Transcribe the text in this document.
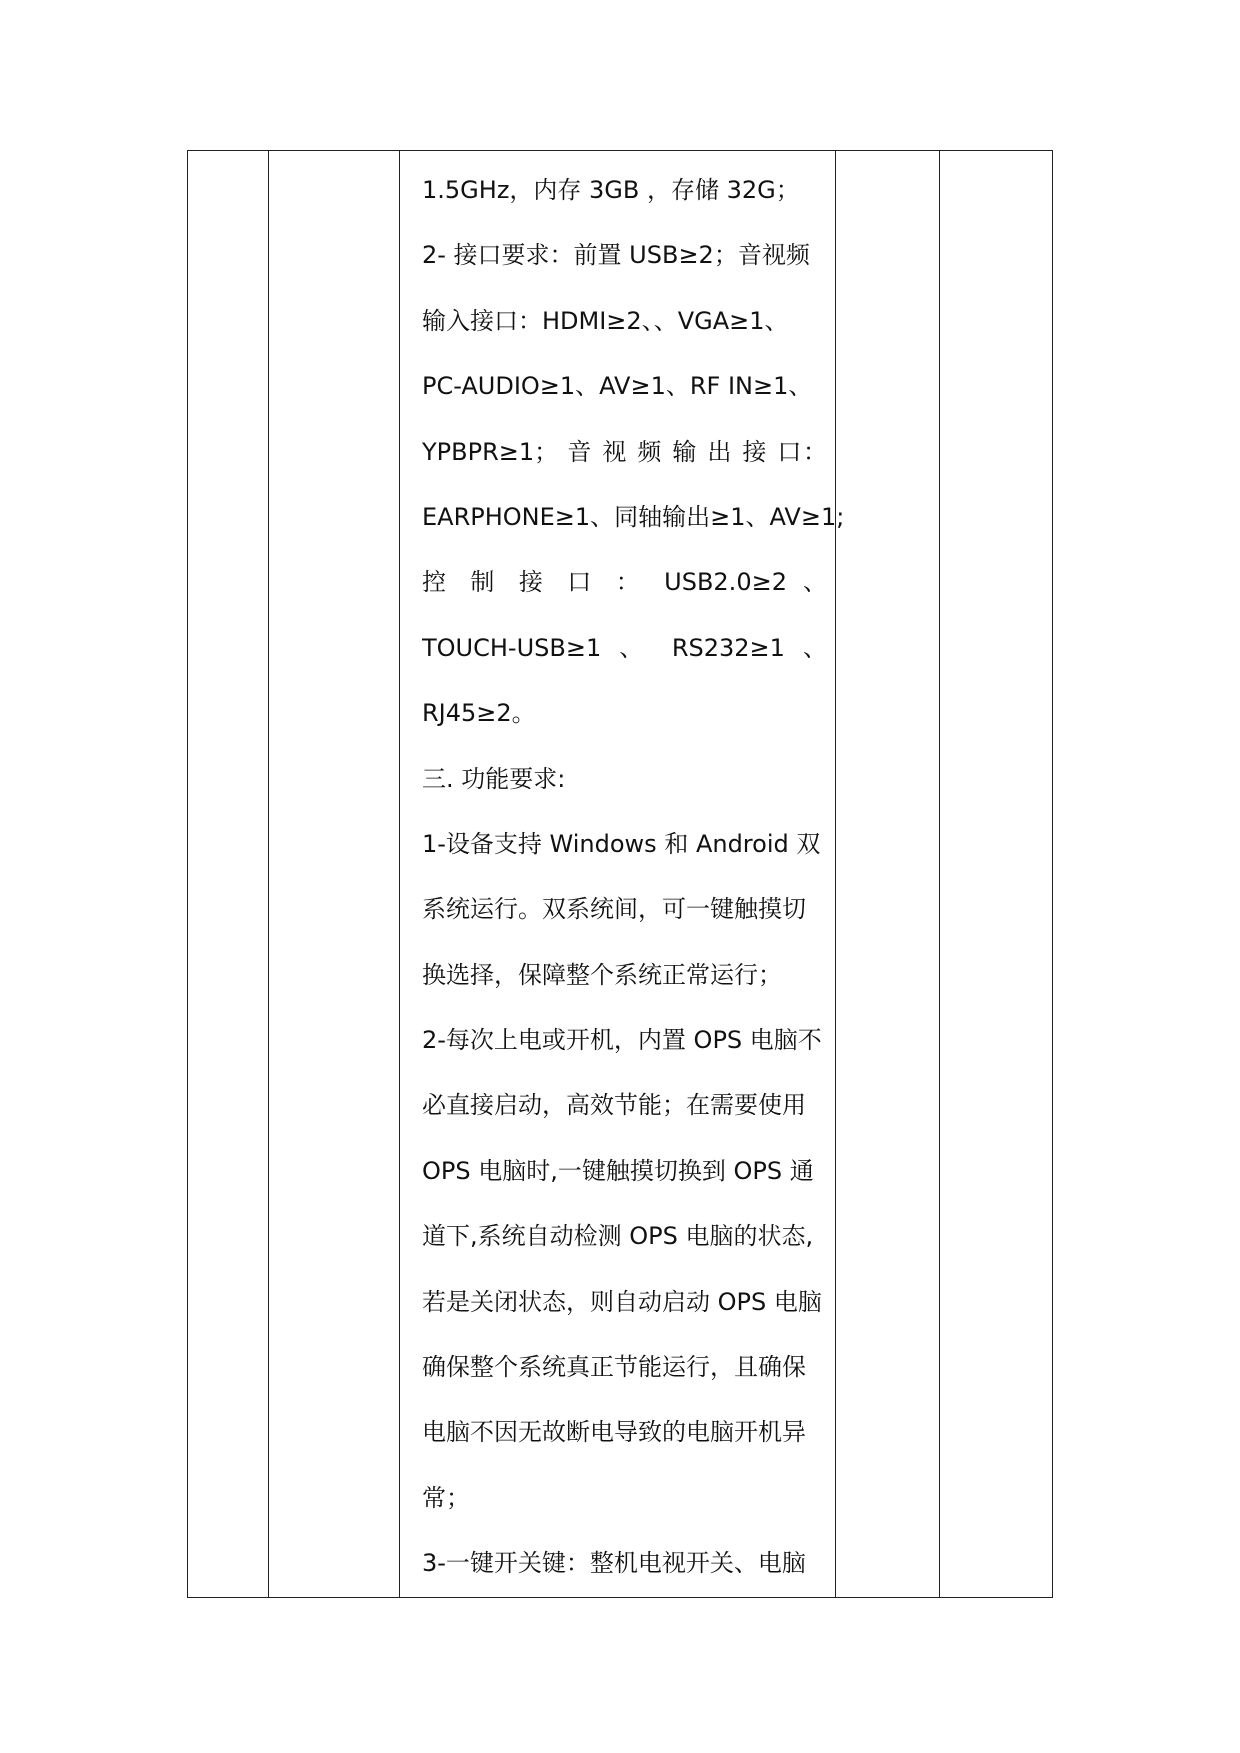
1.5GHz，内存 3GB ，存储 32G；
2- 接口要求：前置 USB≥2；音视频
输入接口：HDMI≥2、、VGA≥1、
PC-AUDIO≥1、AV≥1、RF IN≥1、
YPBPR≥1； 音 视 频 输 出 接 口：
EARPHONE≥1、同轴输出≥1、AV≥1;
控 制 接 口 ： USB2.0≥2 、
TOUCH-USB≥1 、 RS232≥1 、
RJ45≥2。
三. 功能要求:
1-设备支持 Windows 和 Android 双
系统运行。双系统间，可一键触摸切
换选择，保障整个系统正常运行；
2-每次上电或开机，内置 OPS 电脑不
必直接启动，高效节能；在需要使用
OPS 电脑时,一键触摸切换到 OPS 通
道下,系统自动检测 OPS 电脑的状态,
若是关闭状态，则自动启动 OPS 电脑
确保整个系统真正节能运行，且确保
电脑不因无故断电导致的电脑开机异
常；
3-一键开关键：整机电视开关、电脑
